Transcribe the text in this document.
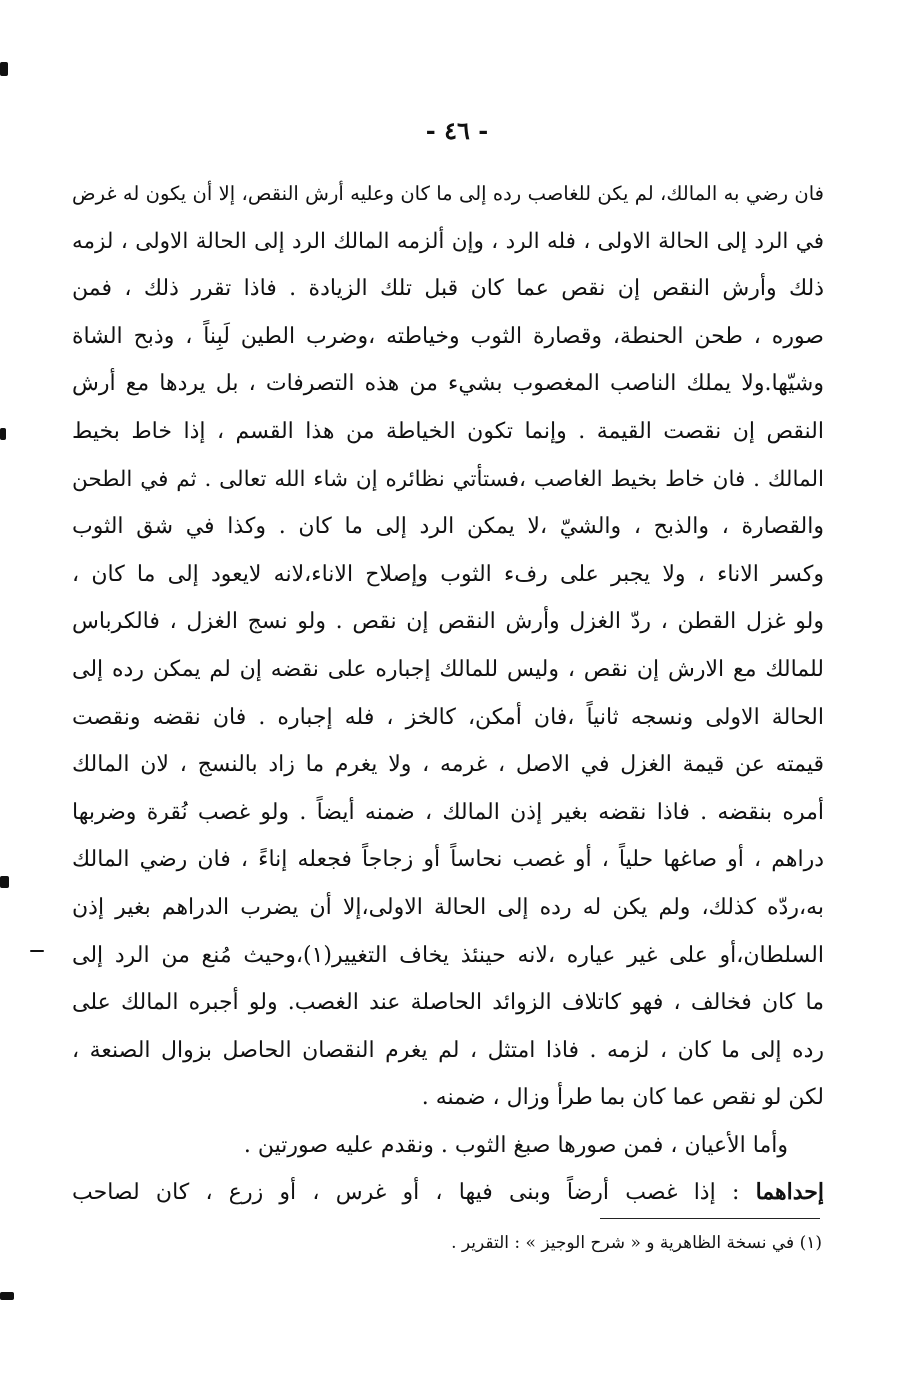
- ٤٦ -
فان رضي به المالك، لم يكن للغاصب رده إلى ما كان وعليه أرش النقص، إلا أن يكون له غرض
في الرد إلى الحالة الاولى ، فله الرد ، وإن ألزمه المالك الرد إلى الحالة الاولى ، لزمه
ذلك وأرش النقص إن نقص عما كان قبل تلك الزيادة . فاذا تقرر ذلك ، فمن
صوره ، طحن الحنطة، وقصارة الثوب وخياطته ،وضرب الطين لَبِناً ، وذبح الشاة
وشيّها.ولا يملك الناصب المغصوب بشيء من هذه التصرفات ، بل يردها مع أرش
النقص إن نقصت القيمة . وإنما تكون الخياطة من هذا القسم ، إذا خاط بخيط
المالك . فان خاط بخيط الغاصب ،فستأتي نظائره إن شاء الله تعالى . ثم في الطحن
والقصارة ، والذبح ، والشيّ ،لا يمكن الرد إلى ما كان . وكذا في شق الثوب
وكسر الاناء ، ولا يجبر على رفء الثوب وإصلاح الاناء،لانه لايعود إلى ما كان ،
ولو غزل القطن ، ردّ الغزل وأرش النقص إن نقص . ولو نسج الغزل ، فالكرباس
للمالك مع الارش إن نقص ، وليس للمالك إجباره على نقضه إن لم يمكن رده إلى
الحالة الاولى ونسجه ثانياً ،فان أمكن، كالخز ، فله إجباره . فان نقضه ونقصت
قيمته عن قيمة الغزل في الاصل ، غرمه ، ولا يغرم ما زاد بالنسج ، لان المالك
أمره بنقضه . فاذا نقضه بغير إذن المالك ، ضمنه أيضاً . ولو غصب نُقرة وضربها
دراهم ، أو صاغها حلياً ، أو غصب نحاساً أو زجاجاً فجعله إناءً ، فان رضي المالك
به،ردّه كذلك، ولم يكن له رده إلى الحالة الاولى،إلا أن يضرب الدراهم بغير إذن
السلطان،أو على غير عياره ،لانه حينئذ يخاف التغيير(١)،وحيث مُنع من الرد إلى
ما كان فخالف ، فهو كاتلاف الزوائد الحاصلة عند الغصب. ولو أجبره المالك على
رده إلى ما كان ، لزمه . فاذا امتثل ، لم يغرم النقصان الحاصل بزوال الصنعة ،
لكن لو نقص عما كان بما طرأ وزال ، ضمنه .
وأما الأعيان ، فمن صورها صبغ الثوب . ونقدم عليه صورتين .
إحداهما : إذا غصب أرضاً وبنى فيها ، أو غرس ، أو زرع ، كان لصاحب
(١) في نسخة الظاهرية و « شرح الوجيز » : التقرير .
